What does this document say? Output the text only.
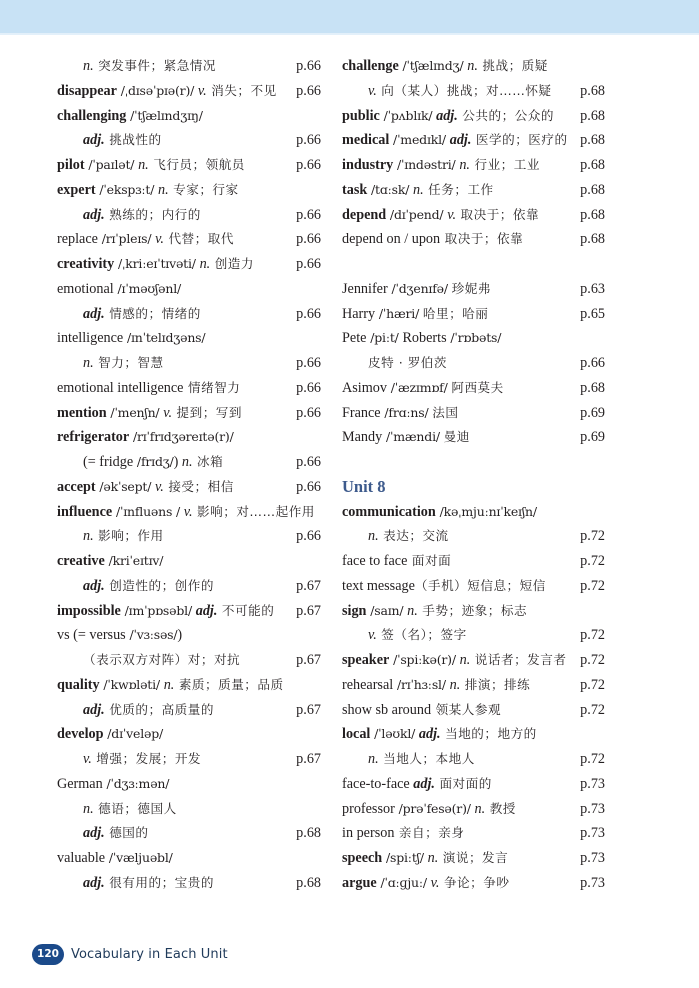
n. 突发事件；紧急情况	p.66
disappear /ˌdɪsəˈpɪə(r)/ v. 消失；不见 p.66
challenging /ˈtʃælɪndʒɪŋ/
adj. 挑战性的	p.66
pilot /ˈpaɪlət/ n. 飞行员；领航员	p.66
expert /ˈekspɜːt/ n. 专家；行家
adj. 熟练的；内行的	p.66
replace /rɪˈpleɪs/ v. 代替；取代	p.66
creativity /ˌkriːeɪˈtɪvəti/ n. 创造力	p.66
emotional /ɪˈməʊʃənl/
adj. 情感的；情绪的	p.66
intelligence /ɪnˈtelɪdʒəns/
n. 智力；智慧	p.66
emotional intelligence 情绪智力	p.66
mention /ˈmenʃn/ v. 提到；写到	p.66
refrigerator /rɪˈfrɪdʒəreɪtə(r)/
(= fridge /frɪdʒ/) n. 冰箱	p.66
accept /əkˈsept/ v. 接受；相信	p.66
influence /ˈɪnfluəns / v. 影响；对……起作用
n. 影响；作用	p.66
creative /kriˈeɪtɪv/
adj. 创造性的；创作的	p.67
impossible /ɪmˈpɒsəbl/ adj. 不可能的 p.67
vs (= versus /ˈvɜːsəs/)
（表示双方对阵）对；对抗	p.67
quality /ˈkwɒləti/ n. 素质；质量；品质
adj. 优质的；高质量的	p.67
develop /dɪˈveləp/
v. 增强；发展；开发	p.67
German /ˈdʒɜːmən/
n. 德语；德国人
adj. 德国的	p.68
valuable /ˈvæljuəbl/
adj. 很有用的；宝贵的	p.68
challenge /ˈtʃælɪndʒ/ n. 挑战；质疑
v. 向（某人）挑战；对……怀疑 p.68
public /ˈpʌblɪk/ adj. 公共的；公众的 p.68
medical /ˈmedɪkl/ adj. 医学的；医疗的 p.68
industry /ˈɪndəstri/ n. 行业；工业	p.68
task /tɑːsk/ n. 任务；工作	p.68
depend /dɪˈpend/ v. 取决于；依靠	p.68
depend on / upon 取决于；依靠	p.68
Jennifer /ˈdʒenɪfə/ 珍妮弗	p.63
Harry /ˈhæri/ 哈里；哈丽	p.65
Pete /piːt/ Roberts /ˈrɒbəts/
皮特 · 罗伯茨	p.66
Asimov /ˈæzɪmɒf/ 阿西莫夫	p.68
France /frɑːns/ 法国	p.69
Mandy /ˈmændi/ 曼迪	p.69
Unit 8
communication /kəˌmjuːnɪˈkeɪʃn/
n. 表达；交流	p.72
face to face 面对面	p.72
text message（手机）短信息；短信 p.72
sign /saɪn/ n. 手势；迹象；标志
v. 签（名）；签字	p.72
speaker /ˈspiːkə(r)/ n. 说话者；发言者 p.72
rehearsal /rɪˈhɜːsl/ n. 排演；排练	p.72
show sb around 领某人参观	p.72
local /ˈləʊkl/ adj. 当地的；地方的
n. 当地人；本地人	p.72
face-to-face adj. 面对面的	p.73
professor /prəˈfesə(r)/ n. 教授	p.73
in person 亲自；亲身	p.73
speech /spiːtʃ/ n. 演说；发言	p.73
argue /ˈɑːɡjuː/ v. 争论；争吵	p.73
120 Vocabulary in Each Unit
